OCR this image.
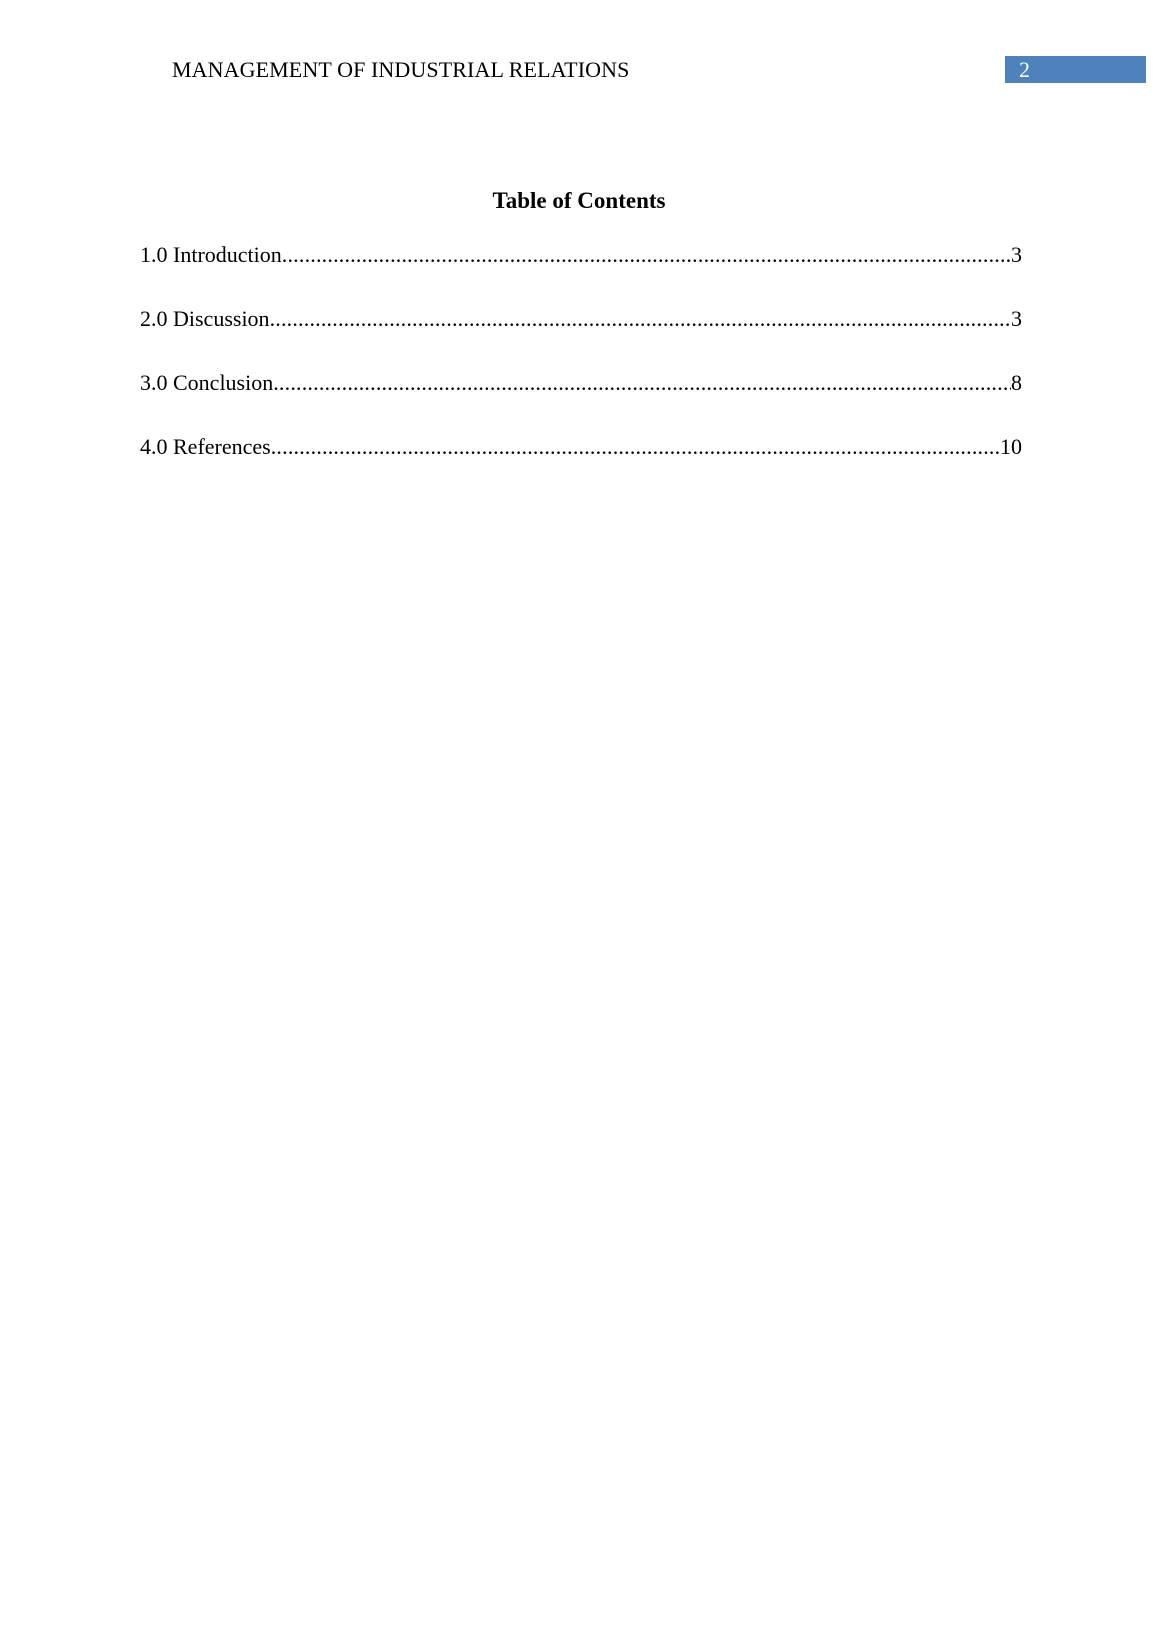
MANAGEMENT OF INDUSTRIAL RELATIONS	2
Table of Contents
1.0 Introduction .....	3
2.0 Discussion .....	3
3.0 Conclusion .....	8
4.0 References .....	10
